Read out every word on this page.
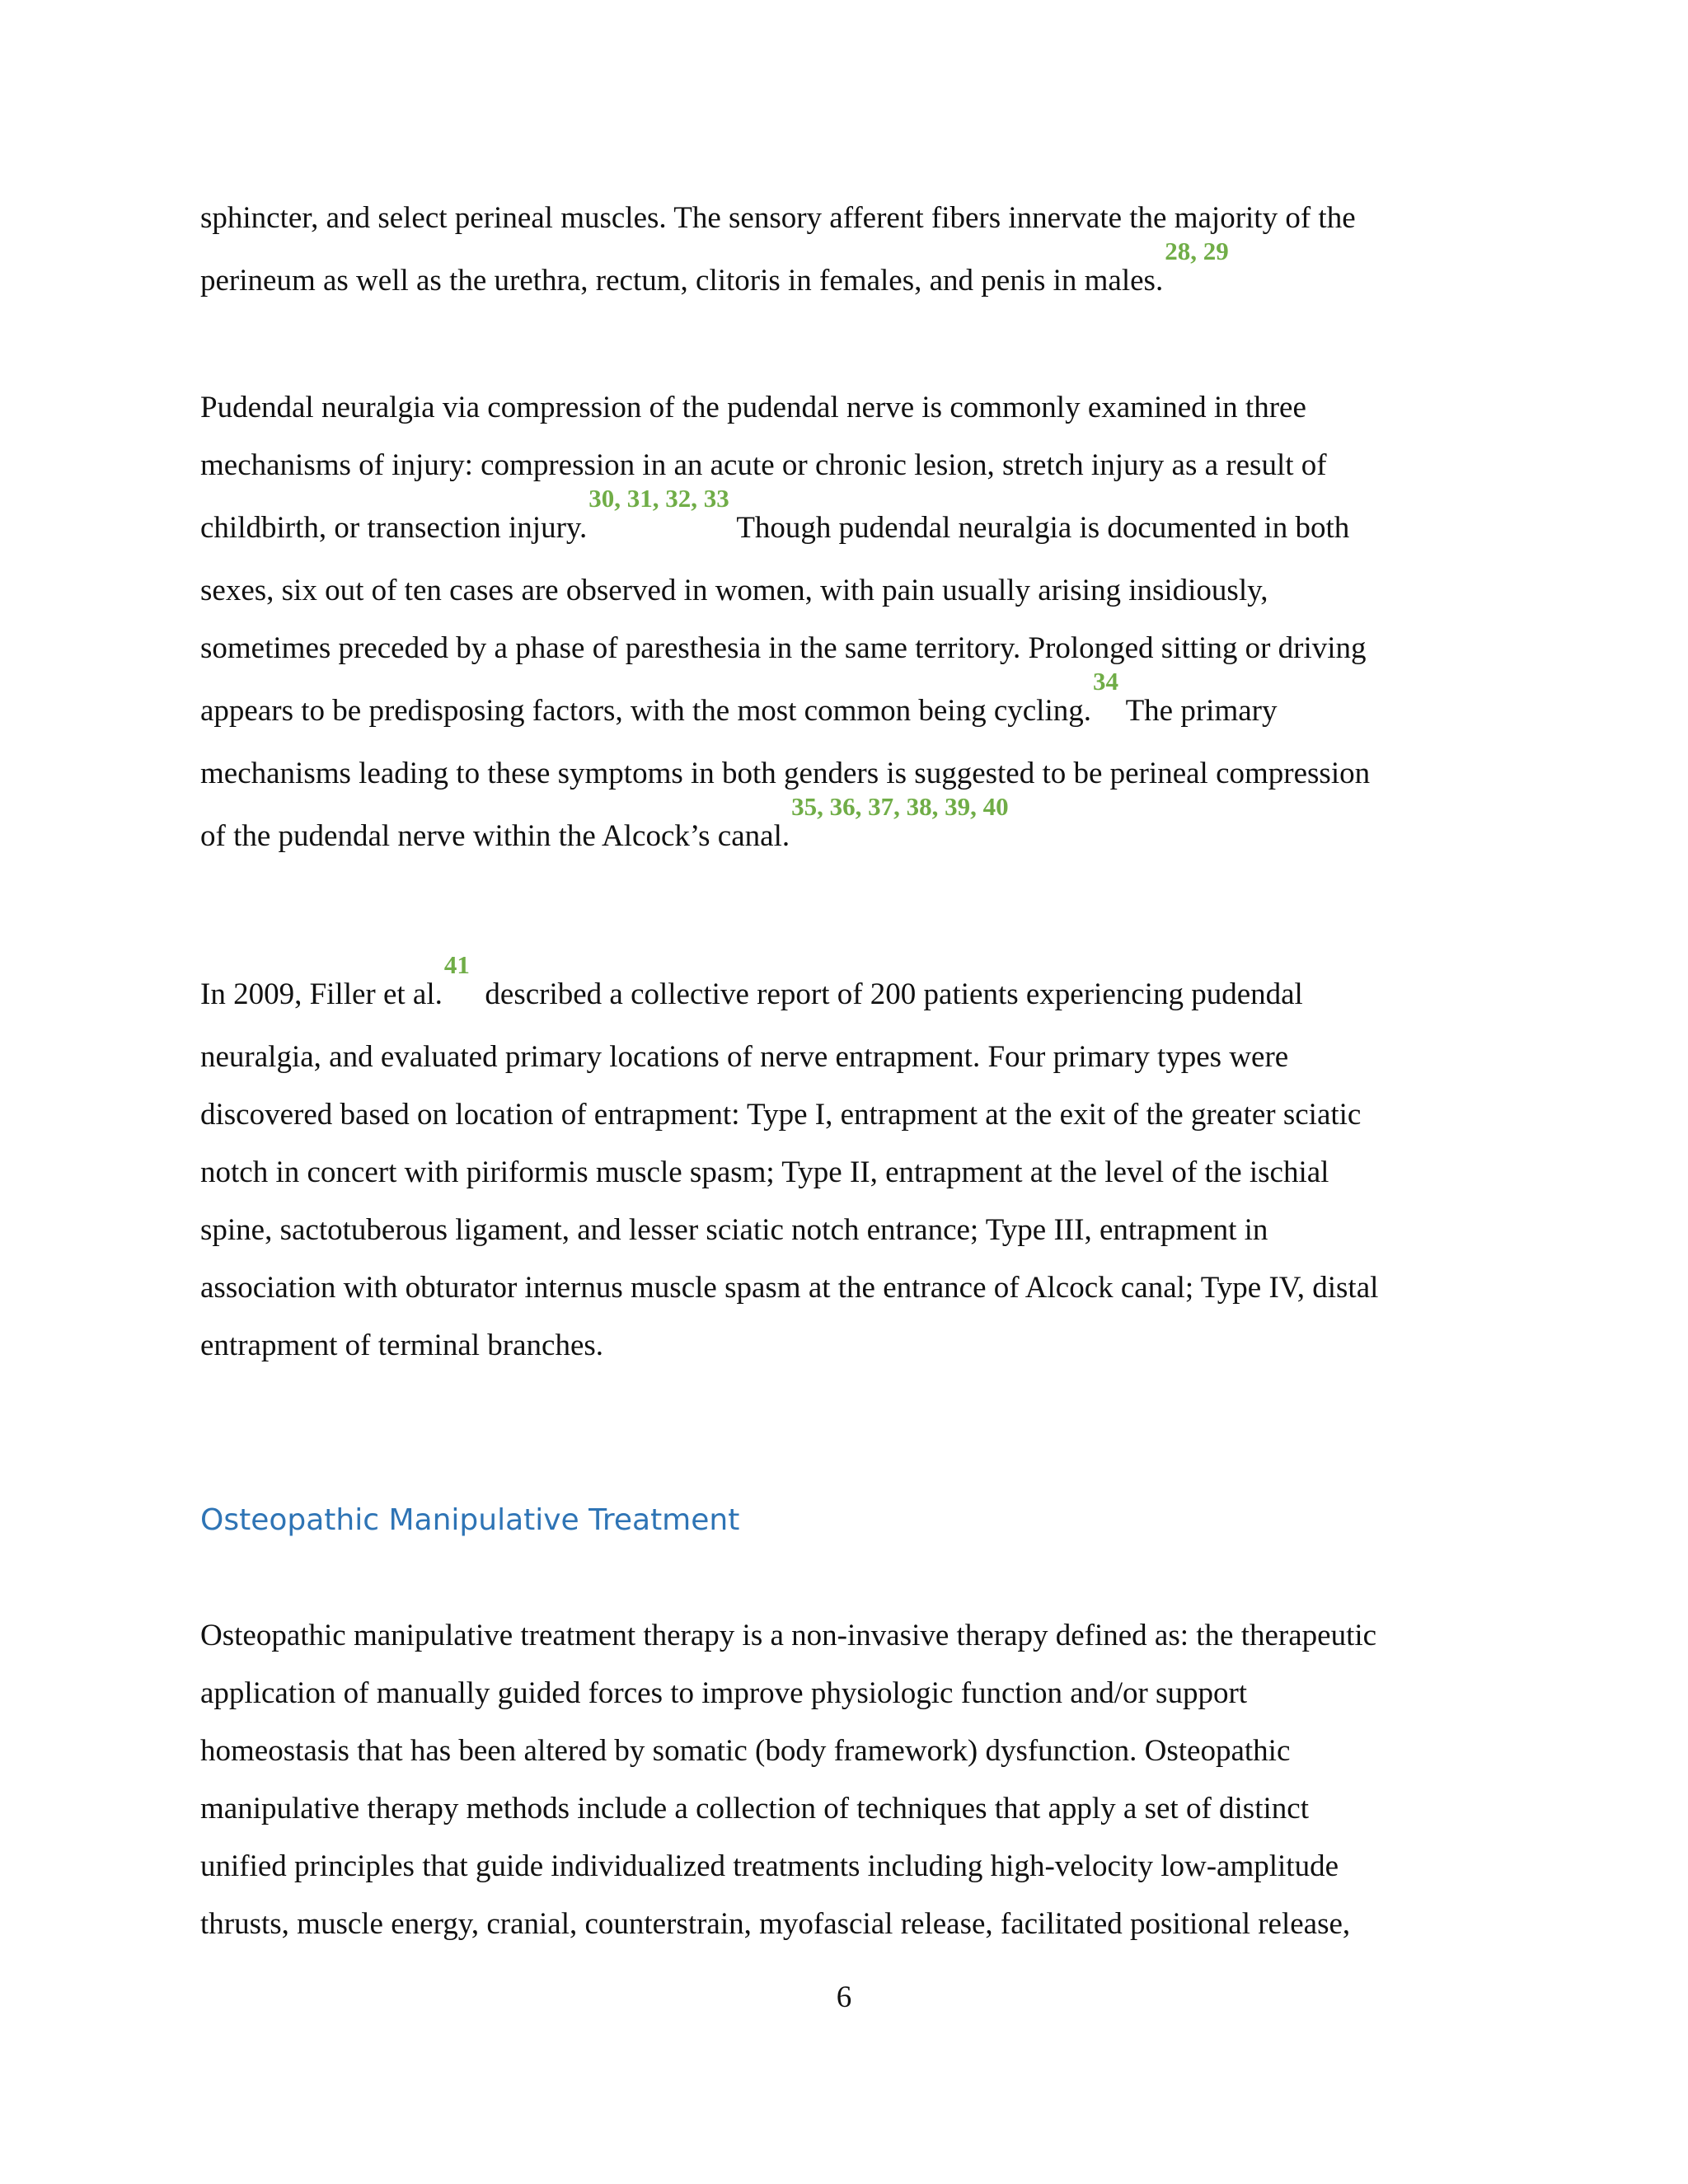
sphincter, and select perineal muscles. The sensory afferent fibers innervate the majority of the
perineum as well as the urethra, rectum, clitoris in females, and penis in males.$^{28, 29}$

Pudendal neuralgia via compression of the pudendal nerve is commonly examined in three
mechanisms of injury: compression in an acute or chronic lesion, stretch injury as a result of
childbirth, or transection injury.$^{30, 31, 32, 33}$ Though pudendal neuralgia is documented in both
sexes, six out of ten cases are observed in women, with pain usually arising insidiously,
sometimes preceded by a phase of paresthesia in the same territory. Prolonged sitting or driving
appears to be predisposing factors, with the most common being cycling.$^{34}$ The primary
mechanisms leading to these symptoms in both genders is suggested to be perineal compression
of the pudendal nerve within the Alcock’s canal.$^{35, 36, 37, 38, 39, 40}$

In 2009, Filler et al.$^{41}$  described a collective report of 200 patients experiencing pudendal
neuralgia, and evaluated primary locations of nerve entrapment. Four primary types were
discovered based on location of entrapment: Type I, entrapment at the exit of the greater sciatic
notch in concert with piriformis muscle spasm; Type II, entrapment at the level of the ischial
spine, sactotuberous ligament, and lesser sciatic notch entrance; Type III, entrapment in
association with obturator internus muscle spasm at the entrance of Alcock canal; Type IV, distal
entrapment of terminal branches.

Osteopathic Manipulative Treatment

Osteopathic manipulative treatment therapy is a non-invasive therapy defined as: the therapeutic
application of manually guided forces to improve physiologic function and/or support
homeostasis that has been altered by somatic (body framework) dysfunction. Osteopathic
manipulative therapy methods include a collection of techniques that apply a set of distinct
unified principles that guide individualized treatments including high-velocity low-amplitude
thrusts, muscle energy, cranial, counterstrain, myofascial release, facilitated positional release,

6
